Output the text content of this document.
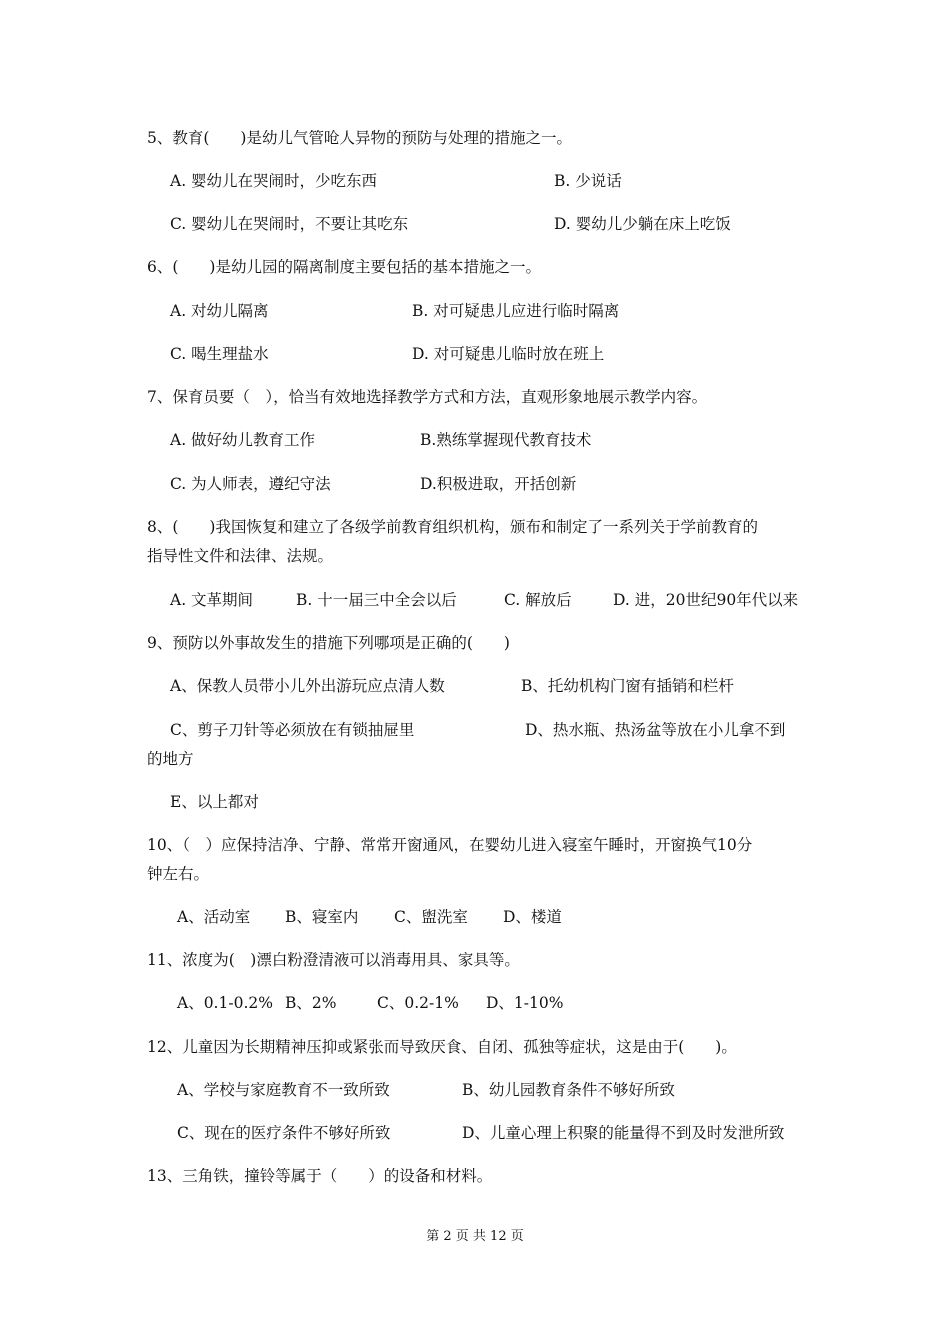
5、教育(　　)是幼儿气管呛人异物的预防与处理的措施之一。
A. 婴幼儿在哭闹时，少吃东西	B. 少说话
C. 婴幼儿在哭闹时，不要让其吃东	D. 婴幼儿少躺在床上吃饭
6、(　　)是幼儿园的隔离制度主要包括的基本措施之一。
A. 对幼儿隔离	B. 对可疑患儿应进行临时隔离
C. 喝生理盐水	D. 对可疑患儿临时放在班上
7、保育员要（　），恰当有效地选择教学方式和方法，直观形象地展示教学内容。
A. 做好幼儿教育工作	B.熟练掌握现代教育技术
C. 为人师表，遵纪守法	D.积极进取，开括创新
8、(　　)我国恢复和建立了各级学前教育组织机构，颁布和制定了一系列关于学前教育的
指导性文件和法律、法规。
A. 文革期间	B. 十一届三中全会以后	C. 解放后	D. 进，20世纪90年代以来
9、预防以外事故发生的措施下列哪项是正确的(　　)
A、保教人员带小儿外出游玩应点清人数	B、托幼机构门窗有插销和栏杆
C、剪子刀针等必须放在有锁抽屉里	D、热水瓶、热汤盆等放在小儿拿不到
的地方
E、以上都对
10、（　）应保持洁净、宁静、常常开窗通风，在婴幼儿进入寝室午睡时，开窗换气10分
钟左右。
A、活动室 B、寝室内 C、盥洗室 D、楼道
11、浓度为(　)漂白粉澄清液可以消毒用具、家具等。
A、0.1-0.2% B、2%	C、0.2-1% D、1-10%
12、儿童因为长期精神压抑或紧张而导致厌食、自闭、孤独等症状，这是由于(　　)。
A、学校与家庭教育不一致所致	B、幼儿园教育条件不够好所致
C、现在的医疗条件不够好所致	D、儿童心理上积聚的能量得不到及时发泄所致
13、三角铁，撞铃等属于（　　）的设备和材料。
第 2 页 共 12 页
